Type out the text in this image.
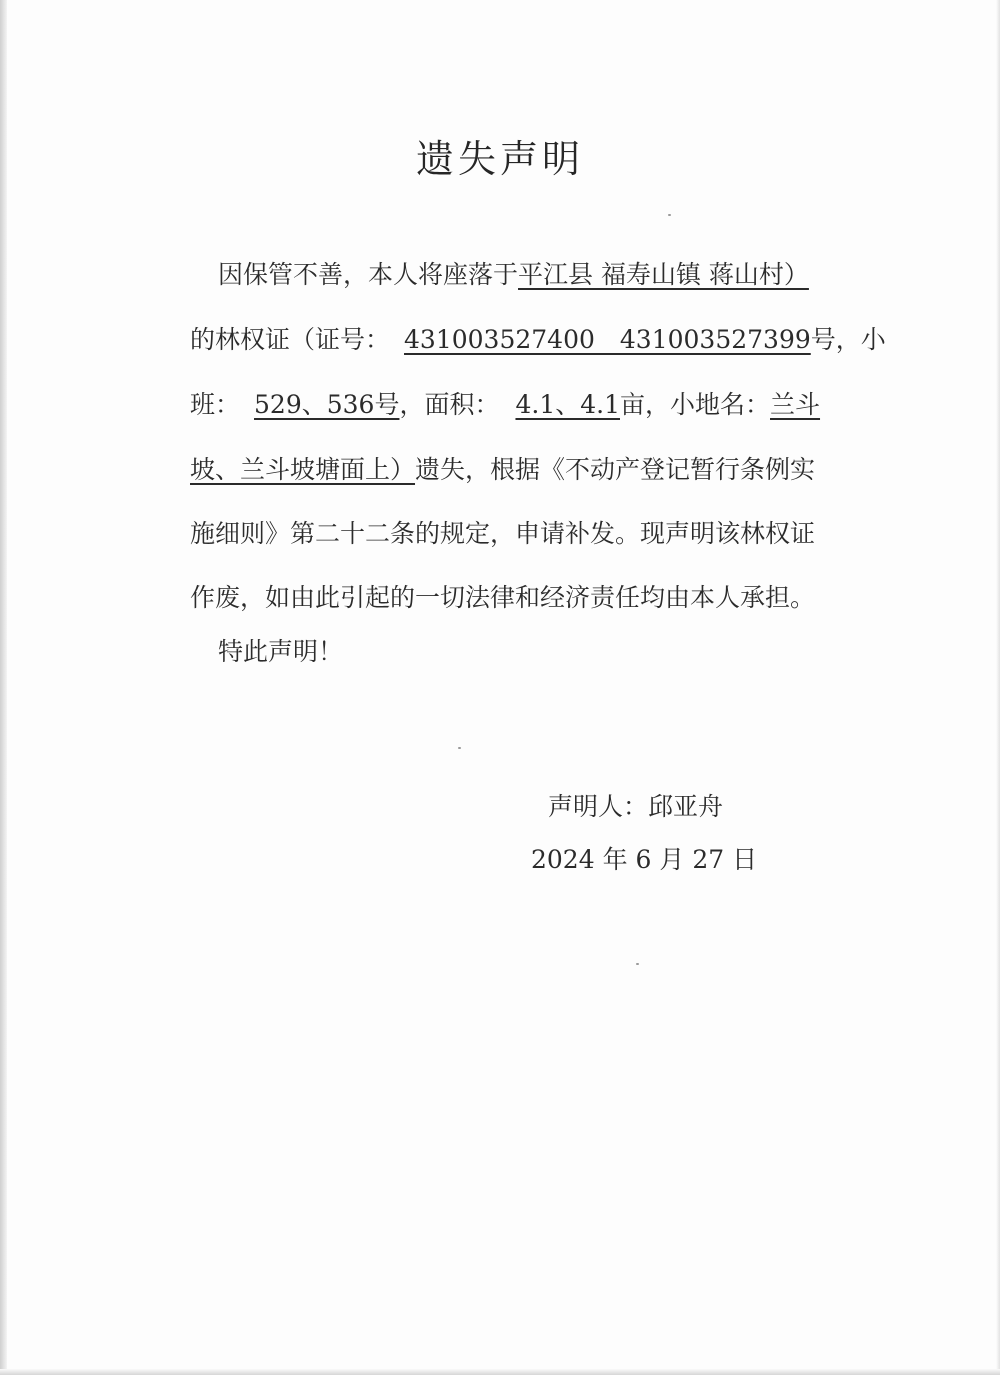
遗失声明
因保管不善，本人将座落于平江县 福寿山镇 蒋山村）
的林权证（证号： 431003527400　431003527399号，小
班： 529、536号，面积： 4.1、4.1亩，小地名：兰斗
坡、兰斗坡塘面上）遗失，根据《不动产登记暂行条例实
施细则》第二十二条的规定，申请补发。现声明该林权证
作废，如由此引起的一切法律和经济责任均由本人承担。
特此声明！
声明人：邱亚舟
2024 年 6 月 27 日
